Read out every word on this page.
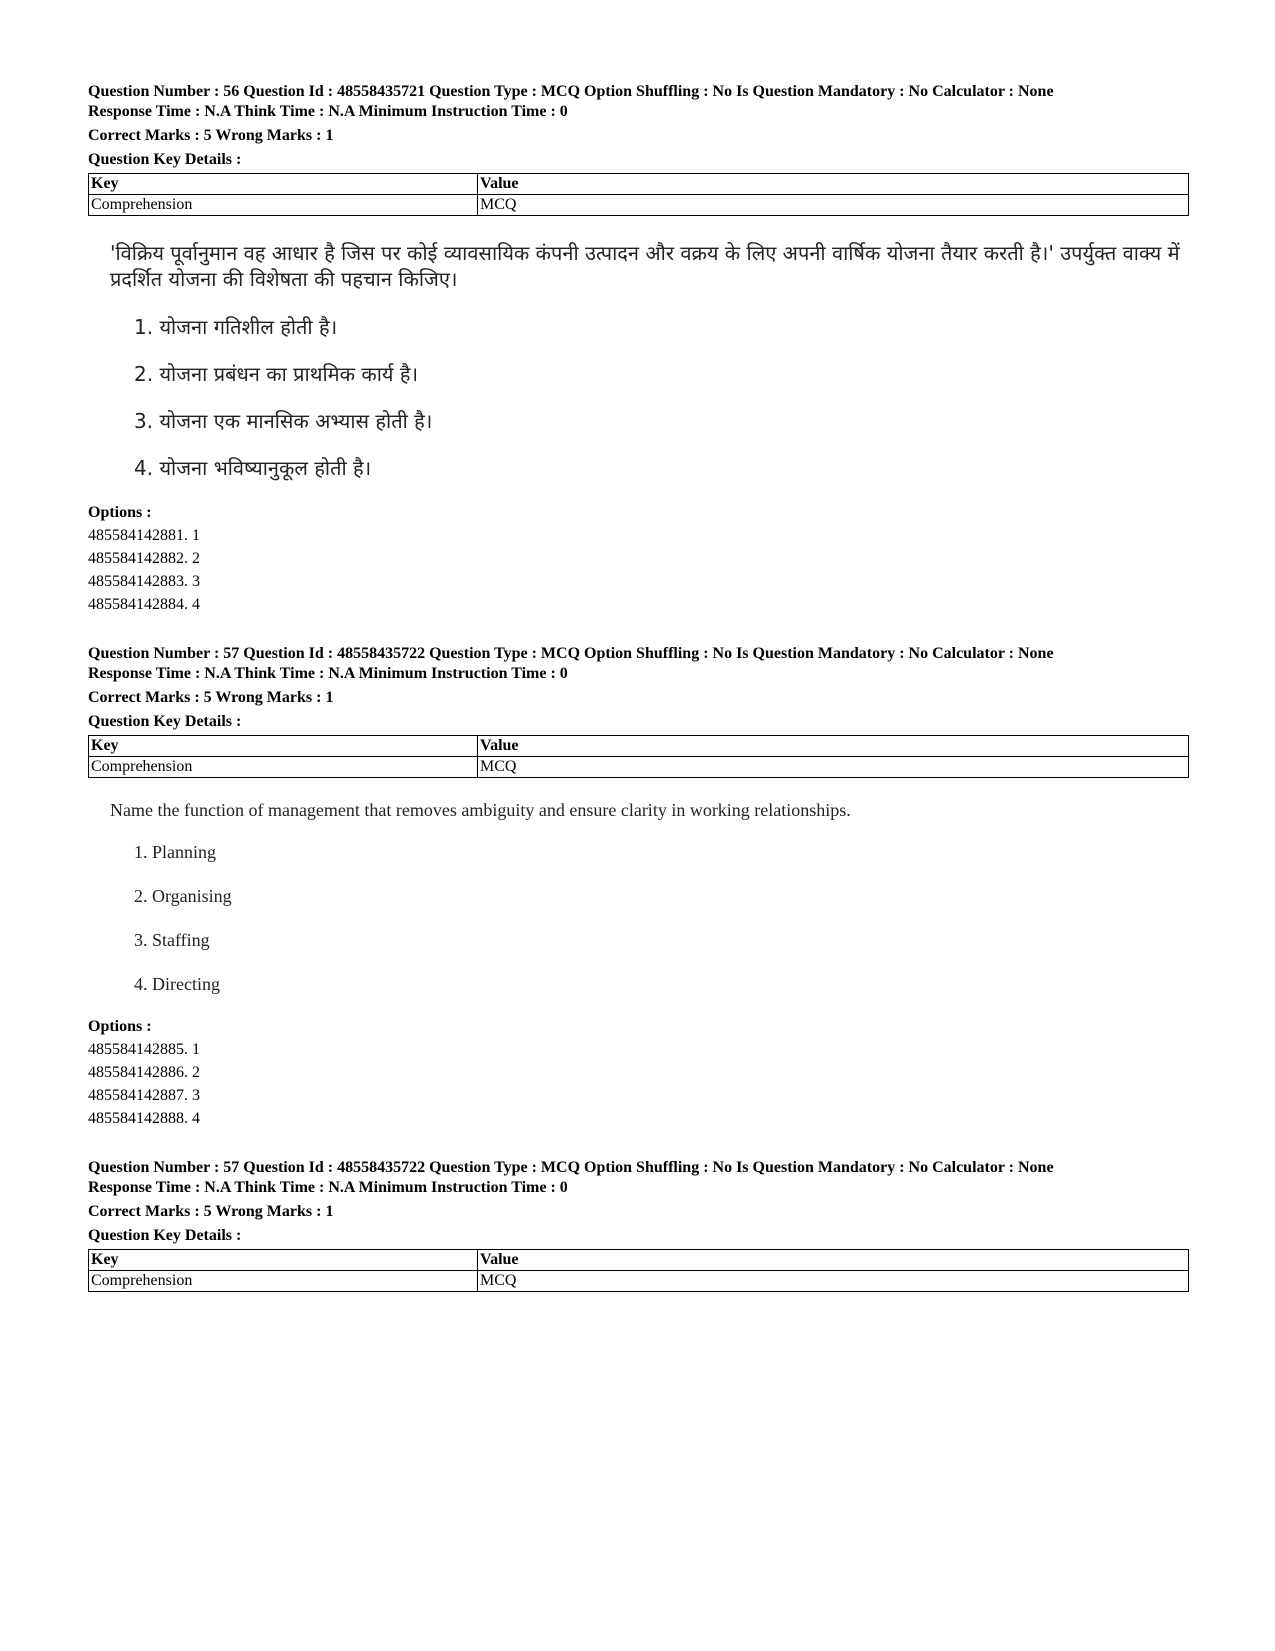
Question Number : 56 Question Id : 48558435721 Question Type : MCQ Option Shuffling : No Is Question Mandatory : No Calculator : None
Response Time : N.A Think Time : N.A Minimum Instruction Time : 0
Correct Marks : 5 Wrong Marks : 1
Question Key Details :
Key	Value
Comprehension	MCQ
'विक्रिय पूर्वानुमान वह आधार है जिस पर कोई व्यावसायिक कंपनी उत्पादन और वक्रय के लिए अपनी वार्षिक योजना तैयार करती है।' उपर्युक्त वाक्य में प्रदर्शित योजना की विशेषता की पहचान किजिए।
1. योजना गतिशील होती है।
2. योजना प्रबंधन का प्राथमिक कार्य है।
3. योजना एक मानसिक अभ्यास होती है।
4. योजना भविष्यानुकूल होती है।
Options :
485584142881. 1
485584142882. 2
485584142883. 3
485584142884. 4
Question Number : 57 Question Id : 48558435722 Question Type : MCQ Option Shuffling : No Is Question Mandatory : No Calculator : None
Response Time : N.A Think Time : N.A Minimum Instruction Time : 0
Correct Marks : 5 Wrong Marks : 1
Question Key Details :
Key	Value
Comprehension	MCQ
Name the function of management that removes ambiguity and ensure clarity in working relationships.
1. Planning
2. Organising
3. Staffing
4. Directing
Options :
485584142885. 1
485584142886. 2
485584142887. 3
485584142888. 4
Question Number : 57 Question Id : 48558435722 Question Type : MCQ Option Shuffling : No Is Question Mandatory : No Calculator : None
Response Time : N.A Think Time : N.A Minimum Instruction Time : 0
Correct Marks : 5 Wrong Marks : 1
Question Key Details :
Key	Value
Comprehension	MCQ
